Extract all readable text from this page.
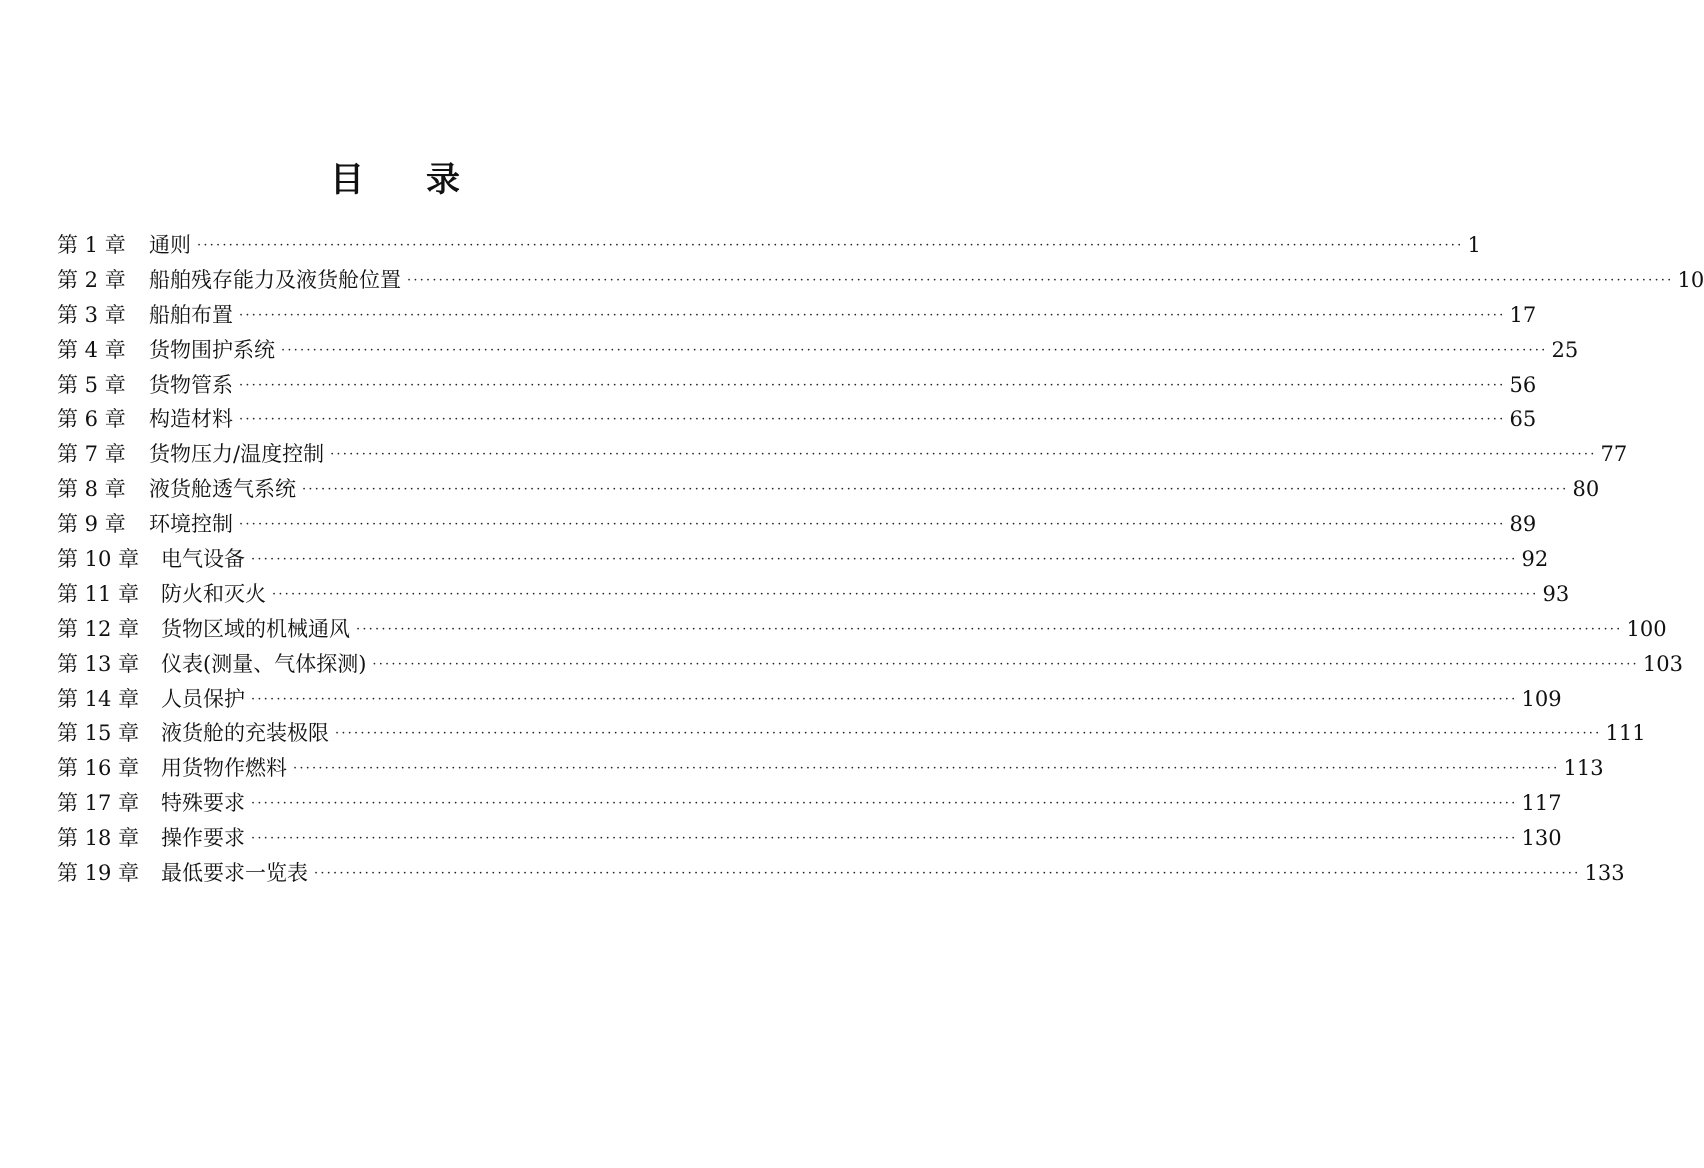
目 录
第 1 章	通则 ········································································································································································································ 1
第 2 章	船舶残存能力及液货舱位置 ········································································································································································································ 10
第 3 章	船舶布置 ········································································································································································································ 17
第 4 章	货物围护系统 ········································································································································································································ 25
第 5 章	货物管系 ········································································································································································································ 56
第 6 章	构造材料 ········································································································································································································ 65
第 7 章	货物压力/温度控制 ········································································································································································································ 77
第 8 章	液货舱透气系统 ········································································································································································································ 80
第 9 章	环境控制 ········································································································································································································ 89
第 10 章	电气设备 ········································································································································································································ 92
第 11 章	防火和灭火 ········································································································································································································ 93
第 12 章	货物区域的机械通风 ········································································································································································································ 100
第 13 章	仪表(测量、气体探测) ········································································································································································································ 103
第 14 章	人员保护 ········································································································································································································ 109
第 15 章	液货舱的充装极限 ········································································································································································································ 111
第 16 章	用货物作燃料 ········································································································································································································ 113
第 17 章	特殊要求 ········································································································································································································ 117
第 18 章	操作要求 ········································································································································································································ 130
第 19 章	最低要求一览表 ········································································································································································································ 133
